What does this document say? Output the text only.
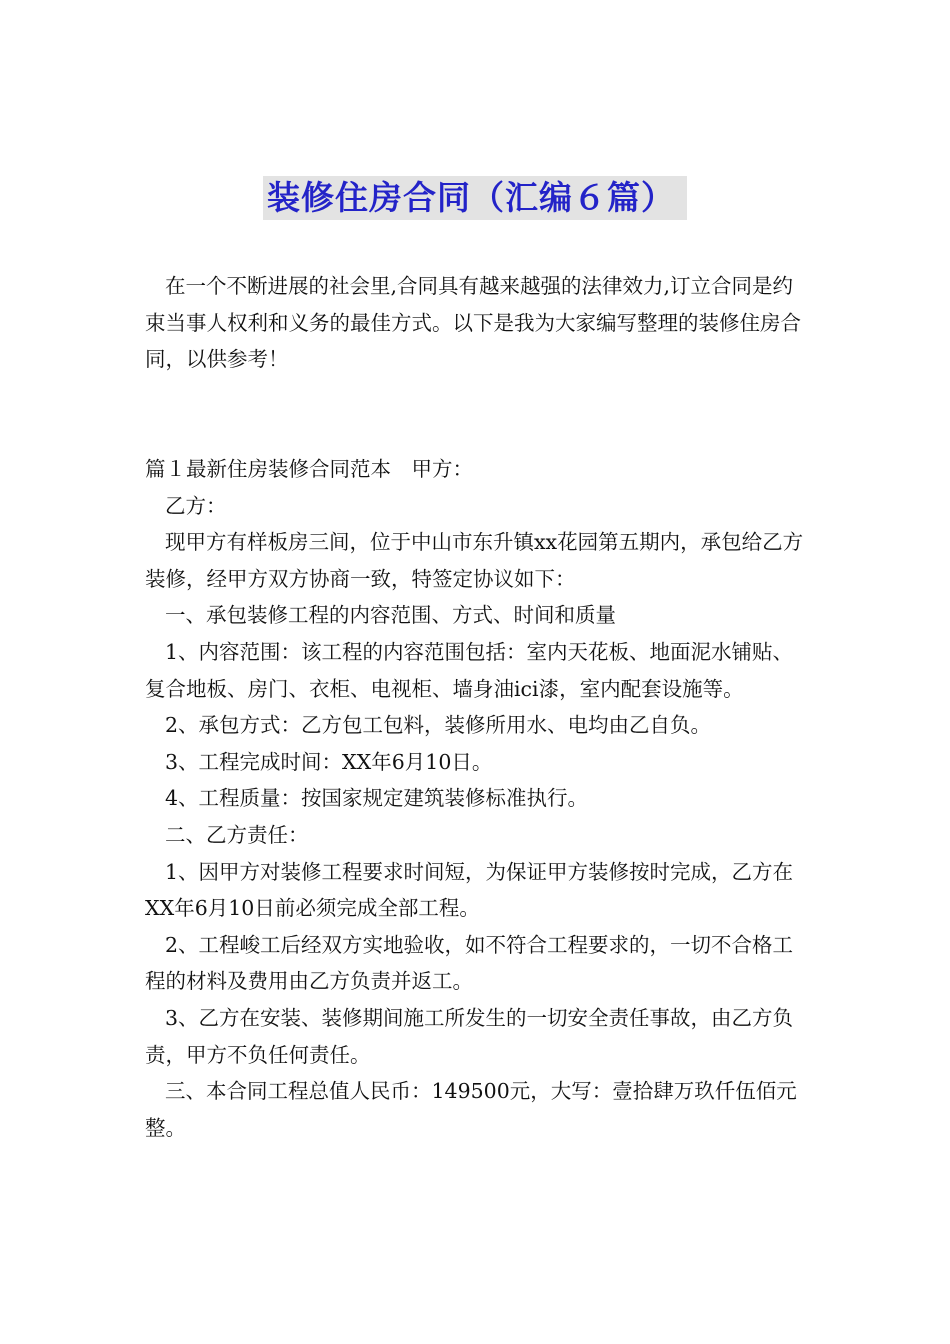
装修住房合同（汇编６篇）

在一个不断进展的社会里,合同具有越来越强的法律效力,订立合同是约束当事人权利和义务的最佳方式。以下是我为大家编写整理的装修住房合同，以供参考！

篇１最新住房装修合同范本　甲方：

乙方：

现甲方有样板房三间，位于中山市东升镇xx花园第五期内，承包给乙方装修，经甲方双方协商一致，特签定协议如下：

一、承包装修工程的内容范围、方式、时间和质量

1、内容范围：该工程的内容范围包括：室内天花板、地面泥水铺贴、复合地板、房门、衣柜、电视柜、墙身油ici漆，室内配套设施等。

2、承包方式：乙方包工包料，装修所用水、电均由乙自负。

3、工程完成时间：XX年6月10日。

4、工程质量：按国家规定建筑装修标准执行。

二、乙方责任：

1、因甲方对装修工程要求时间短，为保证甲方装修按时完成，乙方在XX年6月10日前必须完成全部工程。

2、工程峻工后经双方实地验收，如不符合工程要求的，一切不合格工程的材料及费用由乙方负责并返工。

3、乙方在安装、装修期间施工所发生的一切安全责任事故，由乙方负责，甲方不负任何责任。

三、本合同工程总值人民币：149500元，大写：壹拾肆万玖仟伍佰元整。
